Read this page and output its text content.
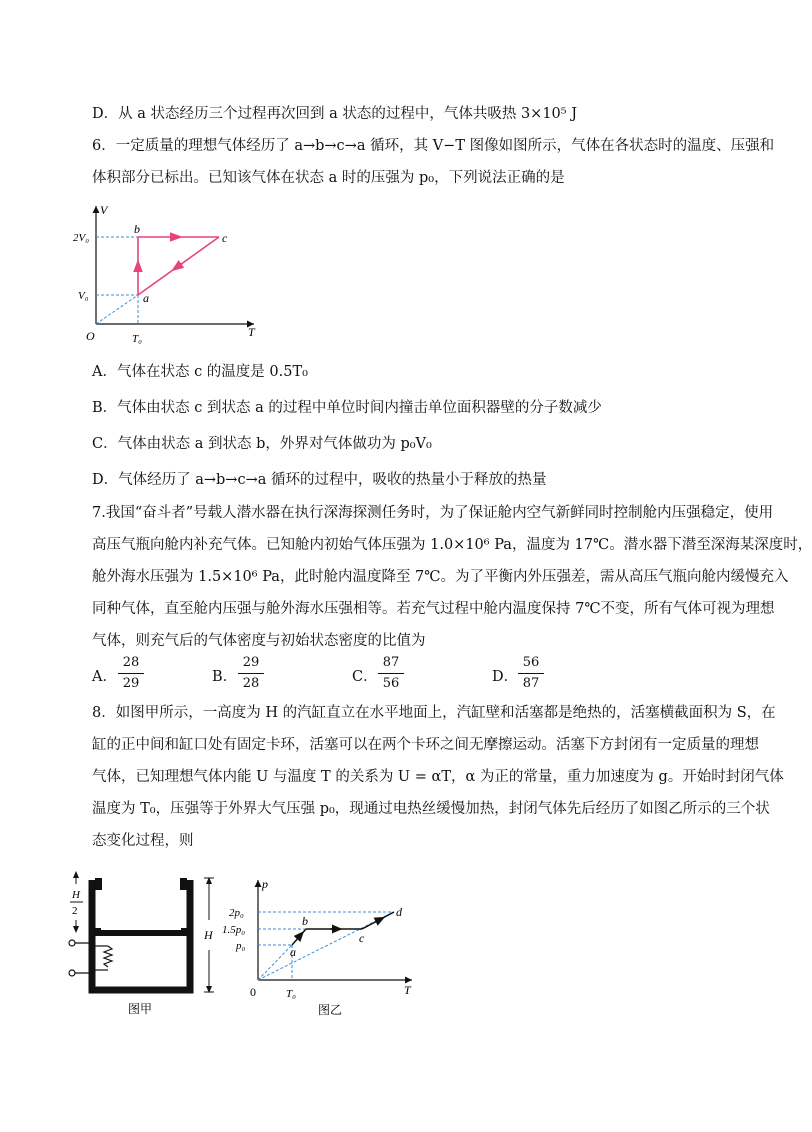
D．从 a 状态经历三个过程再次回到 a 状态的过程中，气体共吸热 3×10⁵ J
6．一定质量的理想气体经历了 a→b→c→a 循环，其 V−T 图像如图所示，气体在各状态时的温度、压强和
体积部分已标出。已知该气体在状态 a 时的压强为 p₀，下列说法正确的是
V
T
O
2V₀
V₀
T₀
a
b
c
A．气体在状态 c 的温度是 0.5T₀
B．气体由状态 c 到状态 a 的过程中单位时间内撞击单位面积器壁的分子数减少
C．气体由状态 a 到状态 b，外界对气体做功为 p₀V₀
D．气体经历了 a→b→c→a 循环的过程中，吸收的热量小于释放的热量
7.我国“奋斗者”号载人潜水器在执行深海探测任务时，为了保证舱内空气新鲜同时控制舱内压强稳定，使用
高压气瓶向舱内补充气体。已知舱内初始气体压强为 1.0×10⁶ Pa，温度为 17℃。潜水器下潜至深海某深度时，
舱外海水压强为 1.5×10⁶ Pa，此时舱内温度降至 7℃。为了平衡内外压强差，需从高压气瓶向舱内缓慢充入
同种气体，直至舱内压强与舱外海水压强相等。若充气过程中舱内温度保持 7℃不变，所有气体可视为理想
气体，则充气后的气体密度与初始状态密度的比值为
A．
28
29	B．
29
28	C．
87
56	D．
56
87
8．如图甲所示，一高度为 H 的汽缸直立在水平地面上，汽缸壁和活塞都是绝热的，活塞横截面积为 S，在
缸的正中间和缸口处有固定卡环，活塞可以在两个卡环之间无摩擦运动。活塞下方封闭有一定质量的理想
气体，已知理想气体内能 U 与温度 T 的关系为 U = αT，α 为正的常量，重力加速度为 g。开始时封闭气体
温度为 T₀，压强等于外界大气压强 p₀，现通过电热丝缓慢加热，封闭气体先后经历了如图乙所示的三个状
态变化过程，则
H
2
H
图甲
p
T
0
2p₀
1.5p₀
p₀
T₀
a
b
c
d
图乙
